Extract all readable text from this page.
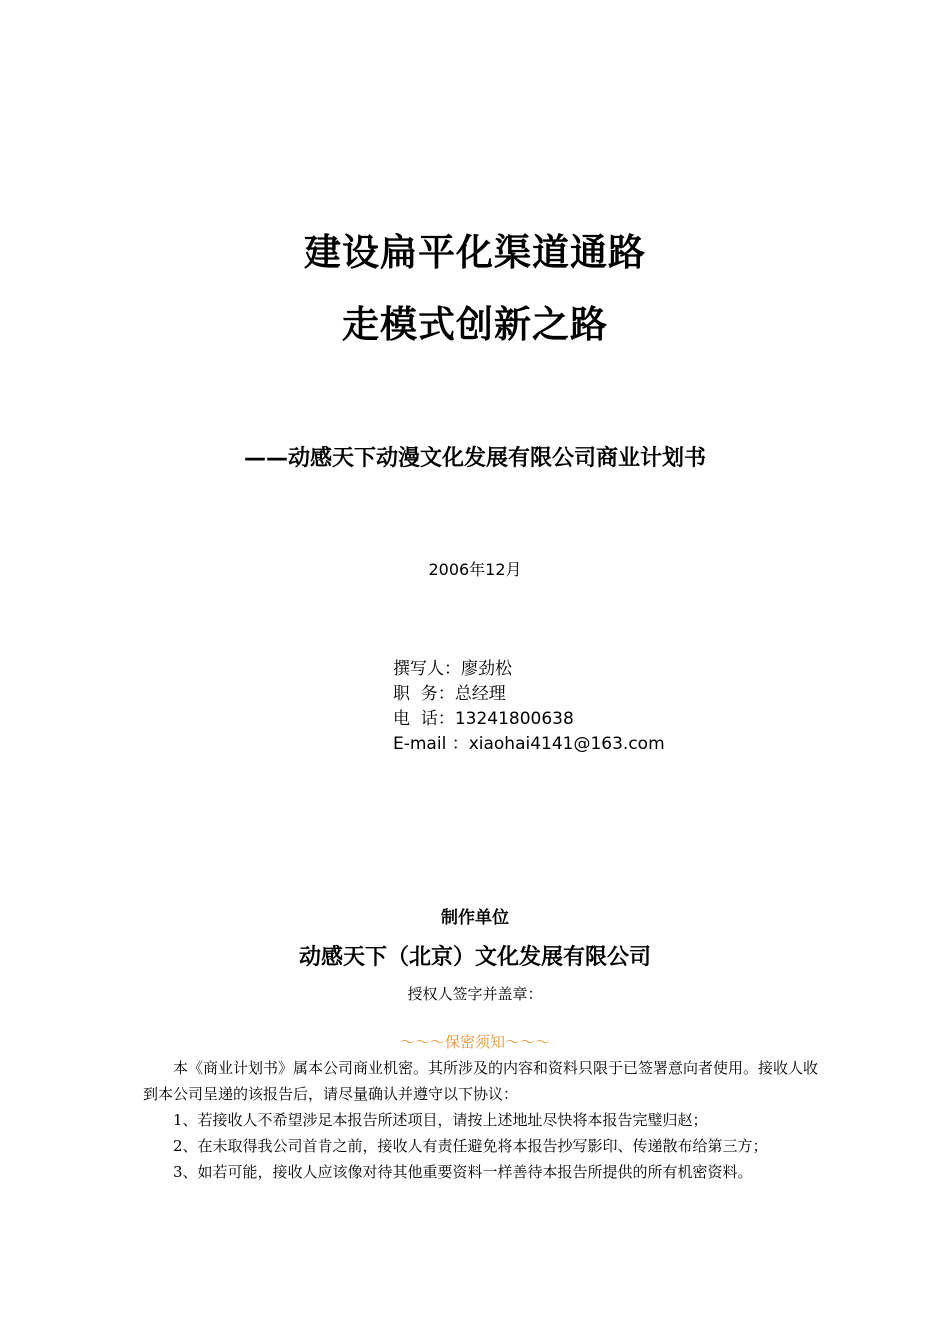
建设扁平化渠道通路
走模式创新之路
——动感天下动漫文化发展有限公司商业计划书
2006年12月
撰写人：廖劲松
职  务：总经理
电  话：13241800638
E-mail ：xiaohai4141@163.com
制作单位
动感天下（北京）文化发展有限公司
授权人签字并盖章：
～～～保密须知～～～

本《商业计划书》属本公司商业机密。其所涉及的内容和资料只限于已签署意向者使用。接收人收到本公司呈递的该报告后，请尽量确认并遵守以下协议：

1、若接收人不希望涉足本报告所述项目，请按上述地址尽快将本报告完璧归赵；

2、在未取得我公司首肯之前，接收人有责任避免将本报告抄写影印、传递散布给第三方；

3、如若可能，接收人应该像对待其他重要资料一样善待本报告所提供的所有机密资料。
